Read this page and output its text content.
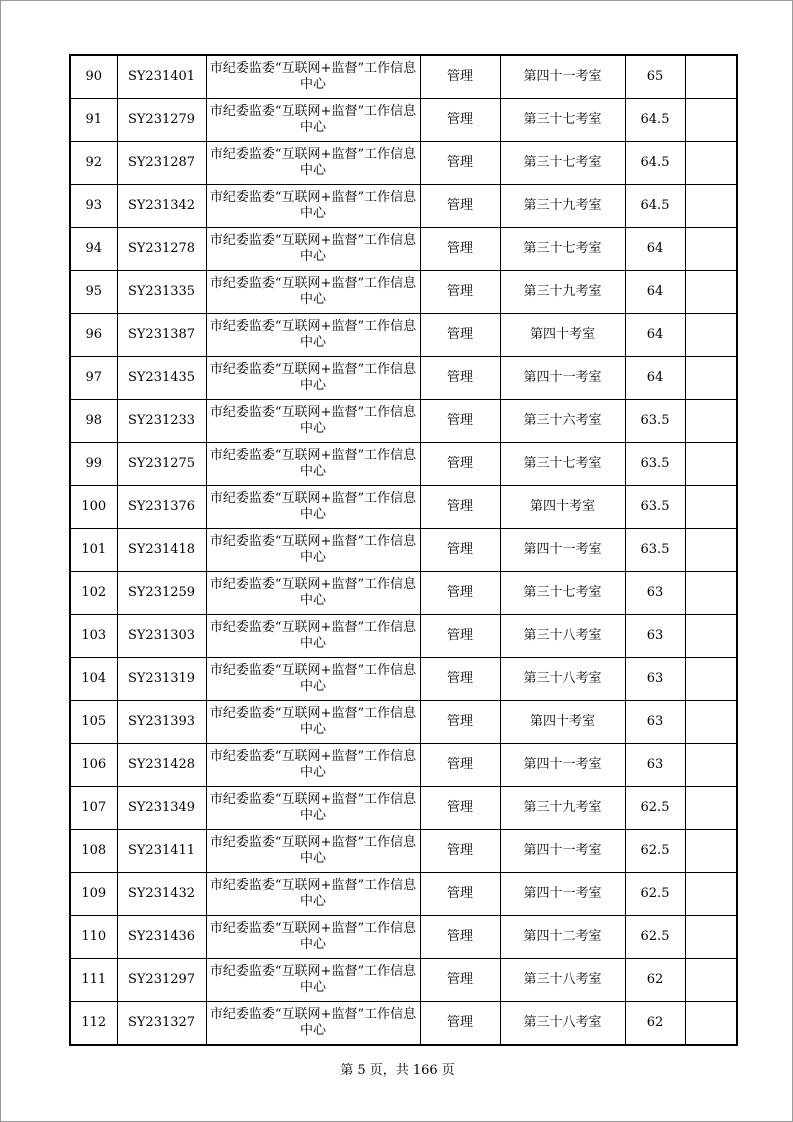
90	SY231401	市纪委监委“互联网+监督”工作信息中心	管理	第四十一考室	65	
91	SY231279	市纪委监委“互联网+监督”工作信息中心	管理	第三十七考室	64.5	
92	SY231287	市纪委监委“互联网+监督”工作信息中心	管理	第三十七考室	64.5	
93	SY231342	市纪委监委“互联网+监督”工作信息中心	管理	第三十九考室	64.5	
94	SY231278	市纪委监委“互联网+监督”工作信息中心	管理	第三十七考室	64	
95	SY231335	市纪委监委“互联网+监督”工作信息中心	管理	第三十九考室	64	
96	SY231387	市纪委监委“互联网+监督”工作信息中心	管理	第四十考室	64	
97	SY231435	市纪委监委“互联网+监督”工作信息中心	管理	第四十一考室	64	
98	SY231233	市纪委监委“互联网+监督”工作信息中心	管理	第三十六考室	63.5	
99	SY231275	市纪委监委“互联网+监督”工作信息中心	管理	第三十七考室	63.5	
100	SY231376	市纪委监委“互联网+监督”工作信息中心	管理	第四十考室	63.5	
101	SY231418	市纪委监委“互联网+监督”工作信息中心	管理	第四十一考室	63.5	
102	SY231259	市纪委监委“互联网+监督”工作信息中心	管理	第三十七考室	63	
103	SY231303	市纪委监委“互联网+监督”工作信息中心	管理	第三十八考室	63	
104	SY231319	市纪委监委“互联网+监督”工作信息中心	管理	第三十八考室	63	
105	SY231393	市纪委监委“互联网+监督”工作信息中心	管理	第四十考室	63	
106	SY231428	市纪委监委“互联网+监督”工作信息中心	管理	第四十一考室	63	
107	SY231349	市纪委监委“互联网+监督”工作信息中心	管理	第三十九考室	62.5	
108	SY231411	市纪委监委“互联网+监督”工作信息中心	管理	第四十一考室	62.5	
109	SY231432	市纪委监委“互联网+监督”工作信息中心	管理	第四十一考室	62.5	
110	SY231436	市纪委监委“互联网+监督”工作信息中心	管理	第四十二考室	62.5	
111	SY231297	市纪委监委“互联网+监督”工作信息中心	管理	第三十八考室	62	
112	SY231327	市纪委监委“互联网+监督”工作信息中心	管理	第三十八考室	62	
第 5 页，共 166 页
